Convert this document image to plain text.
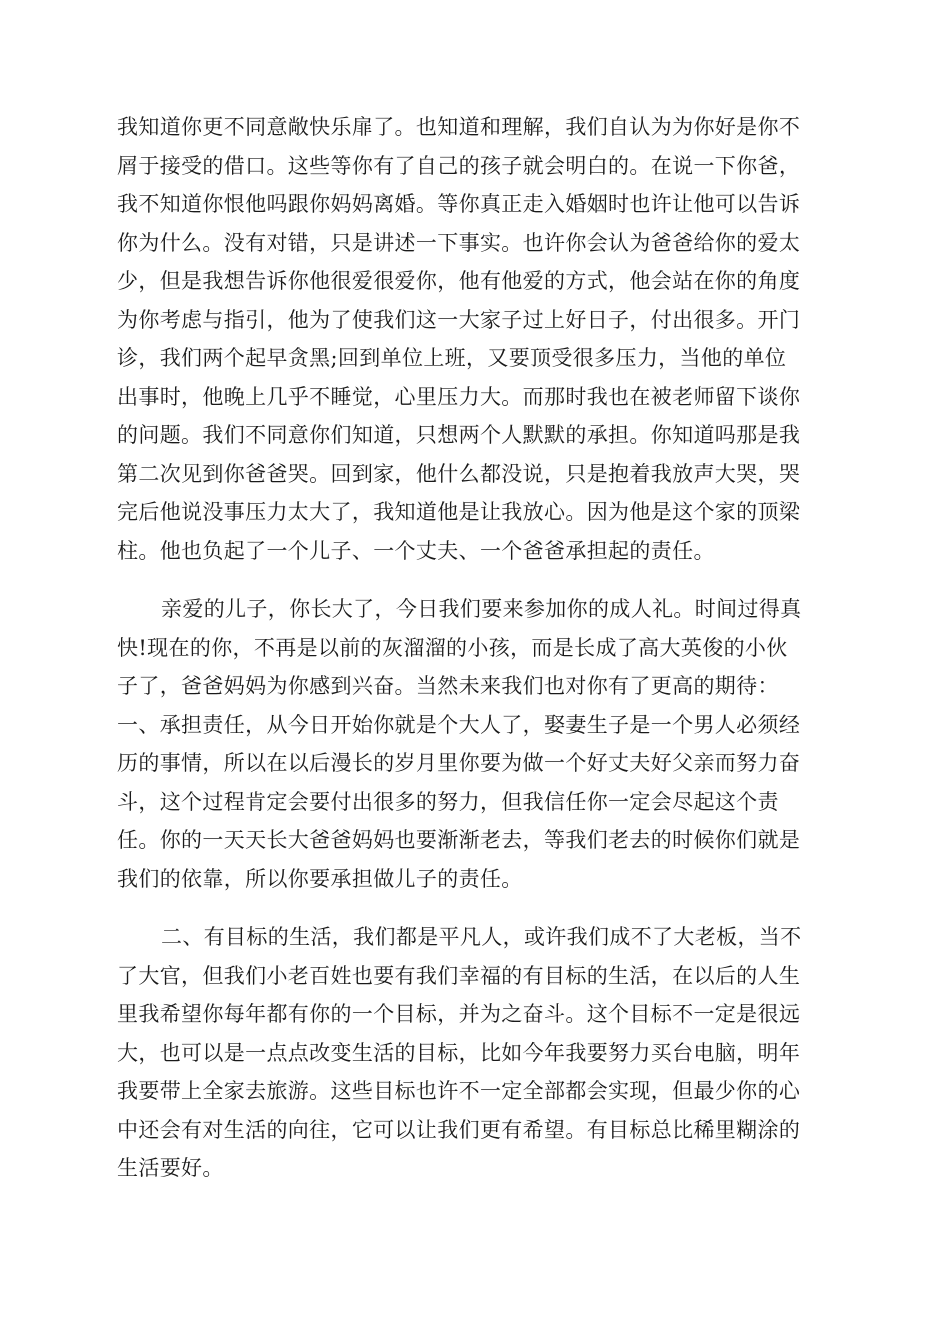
我知道你更不同意敞快乐扉了。也知道和理解，我们自认为为你好是你不
屑于接受的借口。这些等你有了自己的孩子就会明白的。在说一下你爸，
我不知道你恨他吗跟你妈妈离婚。等你真正走入婚姻时也许让他可以告诉
你为什么。没有对错，只是讲述一下事实。也许你会认为爸爸给你的爱太
少，但是我想告诉你他很爱很爱你，他有他爱的方式，他会站在你的角度
为你考虑与指引，他为了使我们这一大家子过上好日子，付出很多。开门
诊，我们两个起早贪黑;回到单位上班，又要顶受很多压力，当他的单位
出事时，他晚上几乎不睡觉，心里压力大。而那时我也在被老师留下谈你
的问题。我们不同意你们知道，只想两个人默默的承担。你知道吗那是我
第二次见到你爸爸哭。回到家，他什么都没说，只是抱着我放声大哭，哭
完后他说没事压力太大了，我知道他是让我放心。因为他是这个家的顶梁
柱。他也负起了一个儿子、一个丈夫、一个爸爸承担起的责任。
亲爱的儿子，你长大了，今日我们要来参加你的成人礼。时间过得真
快!现在的你，不再是以前的灰溜溜的小孩，而是长成了高大英俊的小伙
子了，爸爸妈妈为你感到兴奋。当然未来我们也对你有了更高的期待：
一、承担责任，从今日开始你就是个大人了，娶妻生子是一个男人必须经
历的事情，所以在以后漫长的岁月里你要为做一个好丈夫好父亲而努力奋
斗，这个过程肯定会要付出很多的努力，但我信任你一定会尽起这个责
任。你的一天天长大爸爸妈妈也要渐渐老去，等我们老去的时候你们就是
我们的依靠，所以你要承担做儿子的责任。
二、有目标的生活，我们都是平凡人，或许我们成不了大老板，当不
了大官，但我们小老百姓也要有我们幸福的有目标的生活，在以后的人生
里我希望你每年都有你的一个目标，并为之奋斗。这个目标不一定是很远
大，也可以是一点点改变生活的目标，比如今年我要努力买台电脑，明年
我要带上全家去旅游。这些目标也许不一定全部都会实现，但最少你的心
中还会有对生活的向往，它可以让我们更有希望。有目标总比稀里糊涂的
生活要好。
